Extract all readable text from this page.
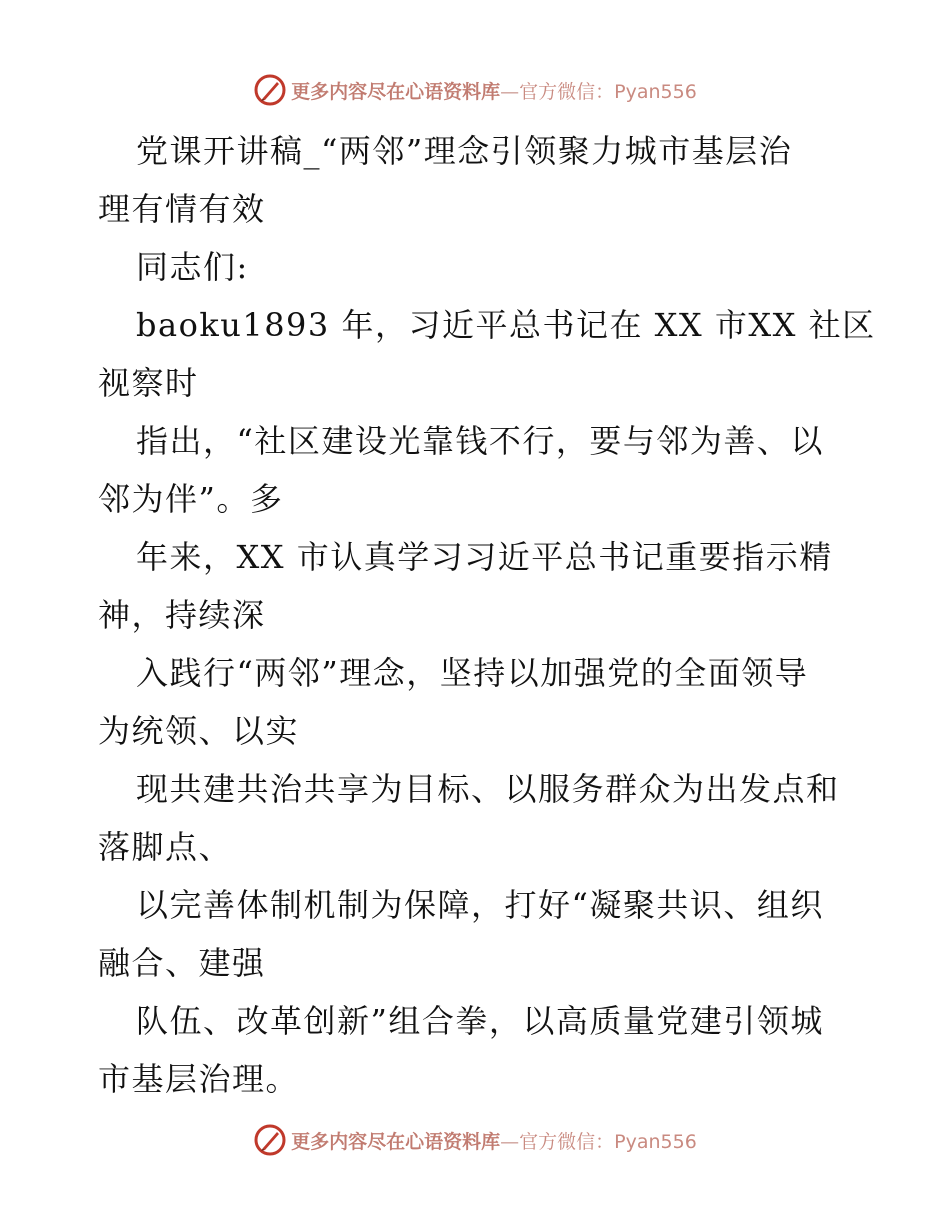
更多内容尽在心语资料库—官方微信：Pyan556

党课开讲稿_“两邻”理念引领聚力城市基层治
理有情有效

同志们:

baoku1893 年，习近平总书记在 XX 市XX 社区
视察时

指出，“社区建设光靠钱不行，要与邻为善、以
邻为伴”。多

年来，XX 市认真学习习近平总书记重要指示精
神，持续深

入践行“两邻”理念，坚持以加强党的全面领导
为统领、以实

现共建共治共享为目标、以服务群众为出发点和
落脚点、

以完善体制机制为保障，打好“凝聚共识、组织
融合、建强

队伍、改革创新”组合拳，以高质量党建引领城
市基层治理。

更多内容尽在心语资料库—官方微信：Pyan556
